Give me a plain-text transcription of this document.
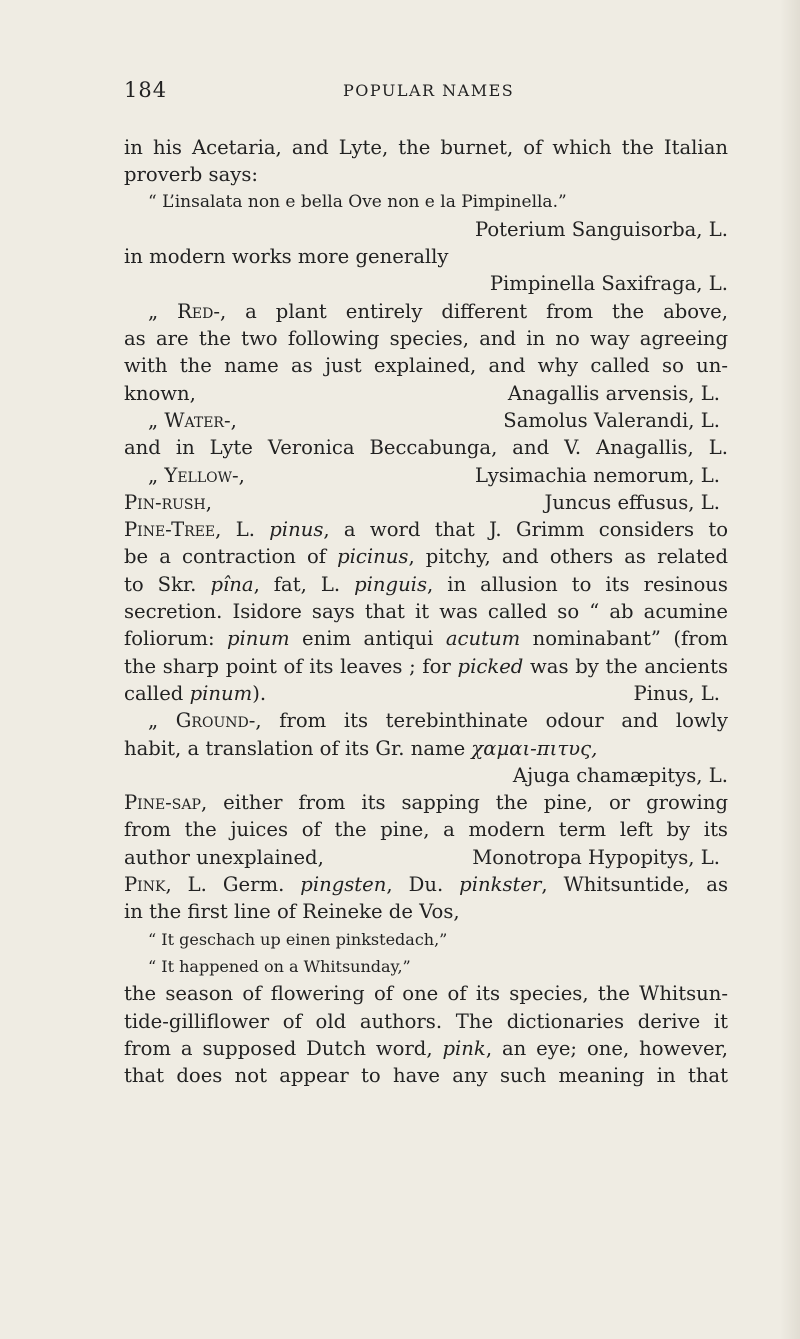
184	POPULAR NAMES
in his Acetaria, and Lyte, the burnet, of which the Italian
proverb says:
“ L’insalata non e bella Ove non e la Pimpinella.”
Poterium Sanguisorba, L.
in modern works more generally
Pimpinella Saxifraga, L.
„ Red-, a plant entirely different from the above,
as are the two following species, and in no way agreeing
with the name as just explained, and why called so un-
known,	Anagallis arvensis, L.
„ Water-,	Samolus Valerandi, L.
and in Lyte Veronica Beccabunga, and V. Anagallis, L.
„ Yellow-,	Lysimachia nemorum, L.
Pin-rush,	Juncus effusus, L.
Pine-Tree, L. pinus, a word that J. Grimm considers to
be a contraction of picinus, pitchy, and others as related
to Skr. pîna, fat, L. pinguis, in allusion to its resinous
secretion. Isidore says that it was called so “ ab acumine
foliorum: pinum enim antiqui acutum nominabant” (from
the sharp point of its leaves ; for picked was by the ancients
called pinum).	Pinus, L.
„ Ground-, from its terebinthinate odour and lowly
habit, a translation of its Gr. name χαμαι-πιτυς,
Ajuga chamæpitys, L.
Pine-sap, either from its sapping the pine, or growing
from the juices of the pine, a modern term left by its
author unexplained,	Monotropa Hypopitys, L.
Pink, L. Germ. pingsten, Du. pinkster, Whitsuntide, as
in the first line of Reineke de Vos,
“ It geschach up einen pinkstedach,”
“ It happened on a Whitsunday,”
the season of flowering of one of its species, the Whitsun-
tide-gilliflower of old authors. The dictionaries derive it
from a supposed Dutch word, pink, an eye; one, however,
that does not appear to have any such meaning in that
